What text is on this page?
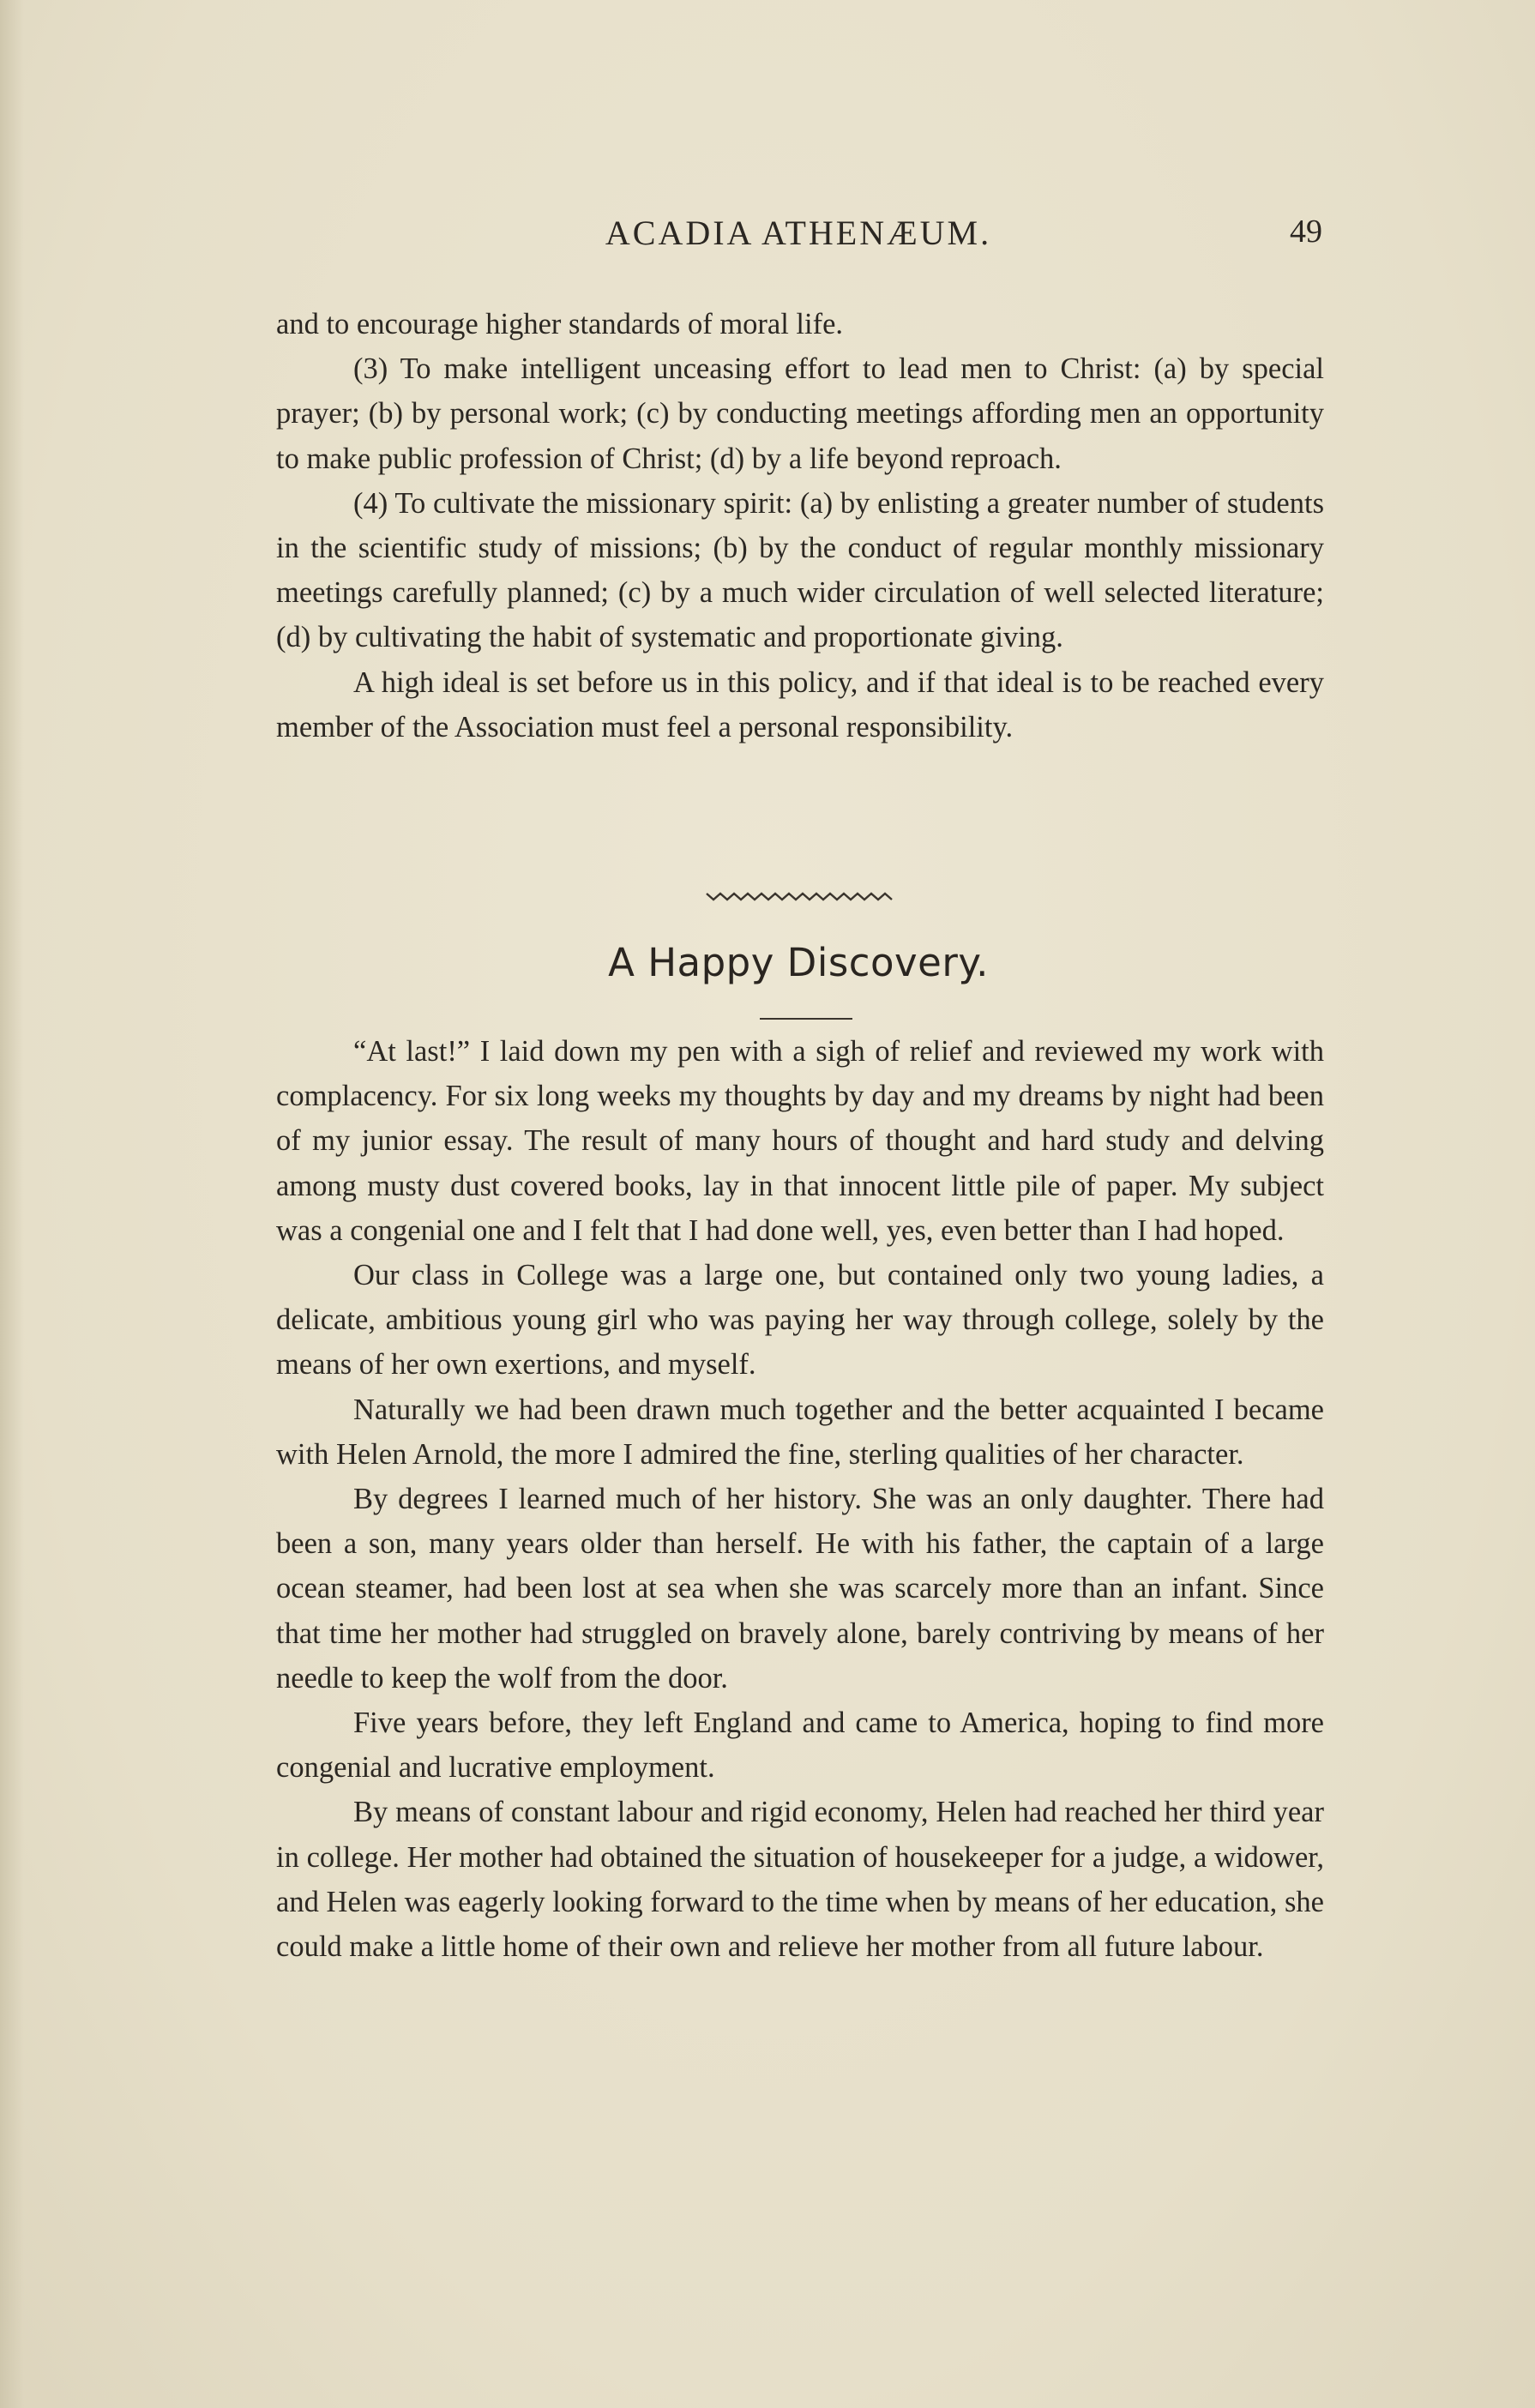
ACADIA ATHENÆUM.	49

and to encourage higher standards of moral life.

(3) To make intelligent unceasing effort to lead men to Christ: (a) by special prayer; (b) by personal work; (c) by conducting meetings affording men an opportunity to make public profession of Christ; (d) by a life beyond reproach.

(4) To cultivate the missionary spirit: (a) by enlisting a greater number of students in the scientific study of missions; (b) by the conduct of regular monthly missionary meetings carefully planned; (c) by a much wider circulation of well selected literature; (d) by cultivating the habit of systematic and proportionate giving.

A high ideal is set before us in this policy, and if that ideal is to be reached every member of the Association must feel a personal responsibility.

A Happy Discovery.

“At last!” I laid down my pen with a sigh of relief and reviewed my work with complacency. For six long weeks my thoughts by day and my dreams by night had been of my junior essay. The result of many hours of thought and hard study and delving among musty dust covered books, lay in that innocent little pile of paper. My subject was a congenial one and I felt that I had done well, yes, even better than I had hoped.

Our class in College was a large one, but contained only two young ladies, a delicate, ambitious young girl who was paying her way through college, solely by the means of her own exertions, and myself.

Naturally we had been drawn much together and the better acquainted I became with Helen Arnold, the more I admired the fine, sterling qualities of her character.

By degrees I learned much of her history. She was an only daughter. There had been a son, many years older than herself. He with his father, the captain of a large ocean steamer, had been lost at sea when she was scarcely more than an infant. Since that time her mother had struggled on bravely alone, barely contriving by means of her needle to keep the wolf from the door.

Five years before, they left England and came to America, hoping to find more congenial and lucrative employment.

By means of constant labour and rigid economy, Helen had reached her third year in college. Her mother had obtained the situation of housekeeper for a judge, a widower, and Helen was eagerly looking forward to the time when by means of her education, she could make a little home of their own and relieve her mother from all future labour.
